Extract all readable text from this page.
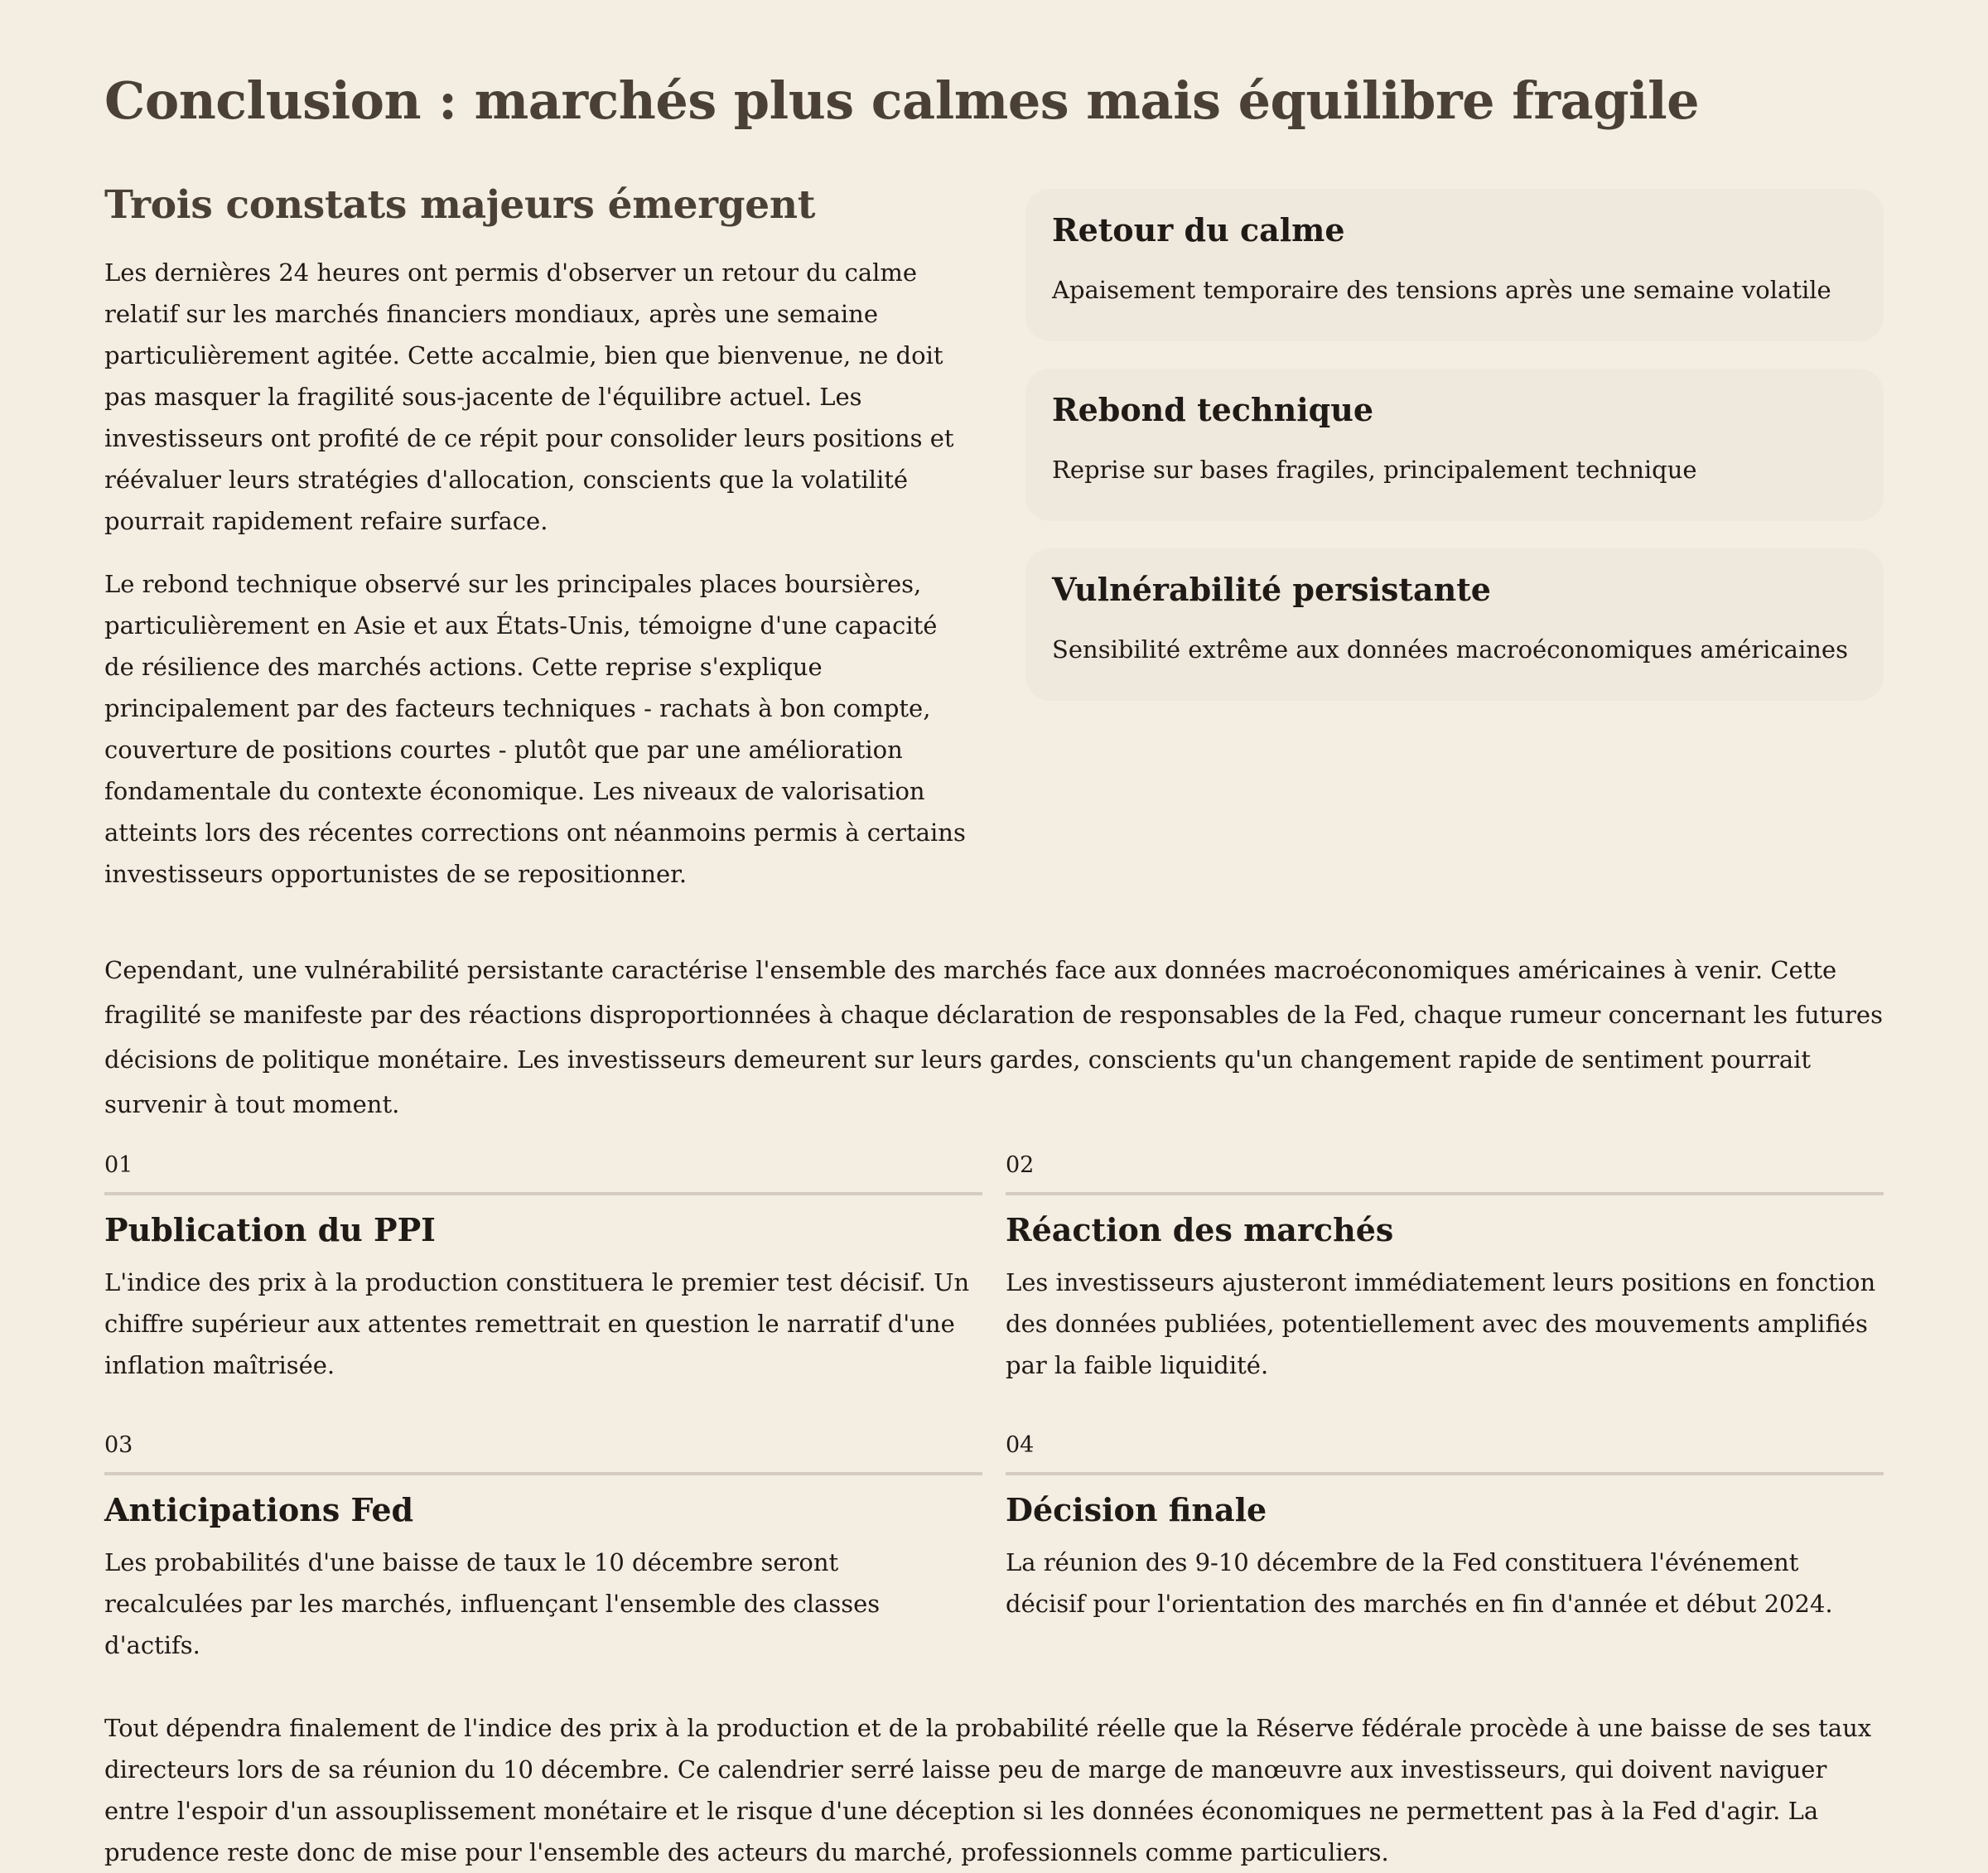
Conclusion : marchés plus calmes mais équilibre fragile
Trois constats majeurs émergent

Les dernières 24 heures ont permis d'observer un retour du calme relatif sur les marchés financiers mondiaux, après une semaine particulièrement agitée. Cette accalmie, bien que bienvenue, ne doit pas masquer la fragilité sous-jacente de l'équilibre actuel. Les investisseurs ont profité de ce répit pour consolider leurs positions et réévaluer leurs stratégies d'allocation, conscients que la volatilité pourrait rapidement refaire surface.

Le rebond technique observé sur les principales places boursières, particulièrement en Asie et aux États-Unis, témoigne d'une capacité de résilience des marchés actions. Cette reprise s'explique principalement par des facteurs techniques - rachats à bon compte, couverture de positions courtes - plutôt que par une amélioration fondamentale du contexte économique. Les niveaux de valorisation atteints lors des récentes corrections ont néanmoins permis à certains investisseurs opportunistes de se repositionner.

Retour du calme

Apaisement temporaire des tensions après une semaine volatile

Rebond technique

Reprise sur bases fragiles, principalement technique

Vulnérabilité persistante

Sensibilité extrême aux données macroéconomiques américaines

Cependant, une vulnérabilité persistante caractérise l'ensemble des marchés face aux données macroéconomiques américaines à venir. Cette fragilité se manifeste par des réactions disproportionnées à chaque déclaration de responsables de la Fed, chaque rumeur concernant les futures décisions de politique monétaire. Les investisseurs demeurent sur leurs gardes, conscients qu'un changement rapide de sentiment pourrait survenir à tout moment.

01
Publication du PPI

L'indice des prix à la production constituera le premier test décisif. Un chiffre supérieur aux attentes remettrait en question le narratif d'une inflation maîtrisée.

02
Réaction des marchés

Les investisseurs ajusteront immédiatement leurs positions en fonction des données publiées, potentiellement avec des mouvements amplifiés par la faible liquidité.

03
Anticipations Fed

Les probabilités d'une baisse de taux le 10 décembre seront recalculées par les marchés, influençant l'ensemble des classes d'actifs.

04
Décision finale

La réunion des 9-10 décembre de la Fed constituera l'événement décisif pour l'orientation des marchés en fin d'année et début 2024.

Tout dépendra finalement de l'indice des prix à la production et de la probabilité réelle que la Réserve fédérale procède à une baisse de ses taux directeurs lors de sa réunion du 10 décembre. Ce calendrier serré laisse peu de marge de manœuvre aux investisseurs, qui doivent naviguer entre l'espoir d'un assouplissement monétaire et le risque d'une déception si les données économiques ne permettent pas à la Fed d'agir. La prudence reste donc de mise pour l'ensemble des acteurs du marché, professionnels comme particuliers.
